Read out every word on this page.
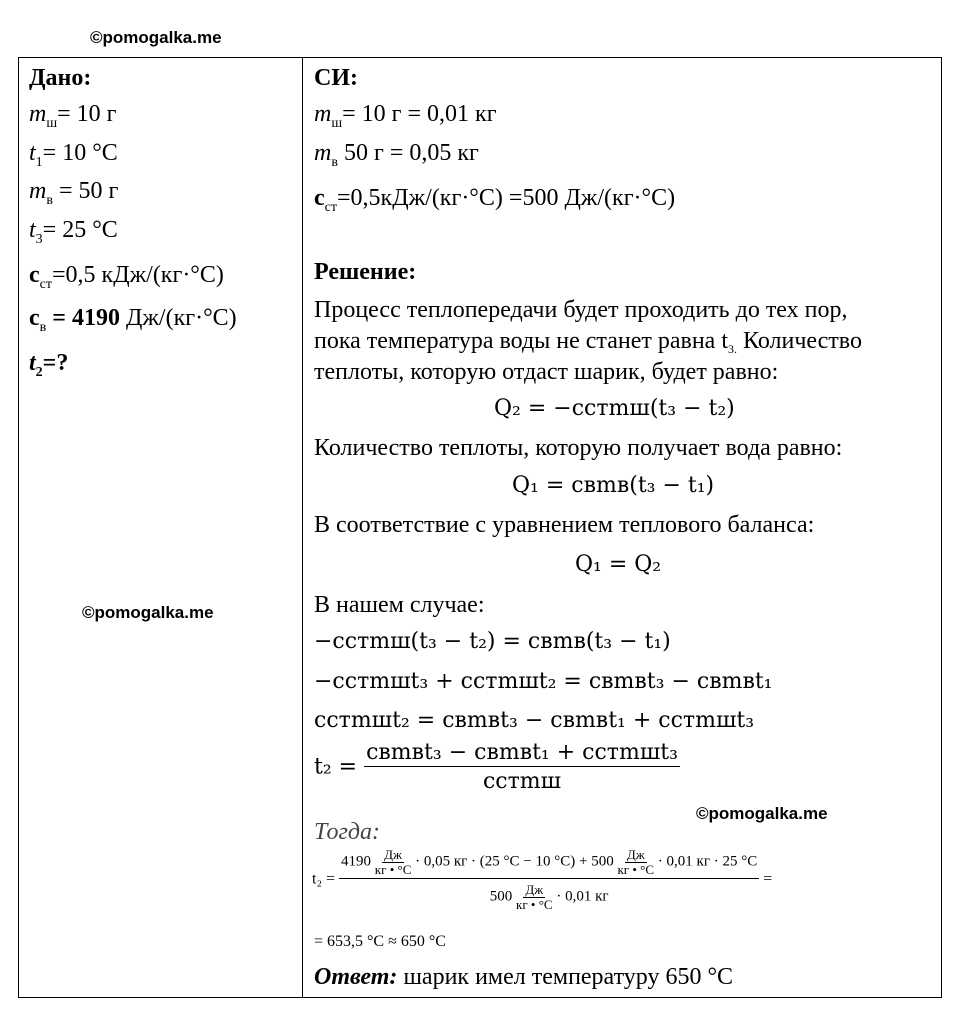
©pomogalka.me
Дано:
$m_ш= 10$ г
$t_1= 10$ °С
$m_в = 50$ г
$t_3= 25$ °С
$c_{ст}=0,5$ кДж/(кг·°С)
$c_в = 4190$ Дж/(кг·°С)
$t_2=$?
©pomogalka.me
СИ:
$m_ш= 10$ г = 0,01 кг
$m_в$ 50 г = 0,05 кг
$c_{ст}=0,5кДж/(кг\cdot^\circ С) =500$ Дж/(кг·°С)
Решение:
Процесс теплопередачи будет проходить до тех пор,
пока температура воды не станет равна $t_{3.}$ Количество
теплоты, которую отдаст шарик, будет равно:
Q₂ = −cстmш(t₃ − t₂)
Количество теплоты, которую получает вода равно:
Q₁ = cвmв(t₃ − t₁)
В соответствие с уравнением теплового баланса:
Q₁ = Q₂
В нашем случае:
−cстmш(t₃ − t₂) = cвmв(t₃ − t₁)
−cстmшt₃ + cстmшt₂ = cвmвt₃ − cвmвt₁
cстmшt₂ = cвmвt₃ − cвmвt₁ + cстmшt₃
$t_2 = \frac{\text{cвmвt₃ − cвmвt₁ + cстmшt₃}}{\text{cстmш}}$
©pomogalka.me
Тогда:
t₂ =
4190 Дж
кг • °С · 0,05 кг · (25 °С − 10 °С) + 500 Дж
кг • °С · 0,01 кг · 25 °С
500 Дж
кг • °С · 0,01 кг
=
= 653,5 °С ≈ 650 °С
Ответ: шарик имел температуру 650 °С
